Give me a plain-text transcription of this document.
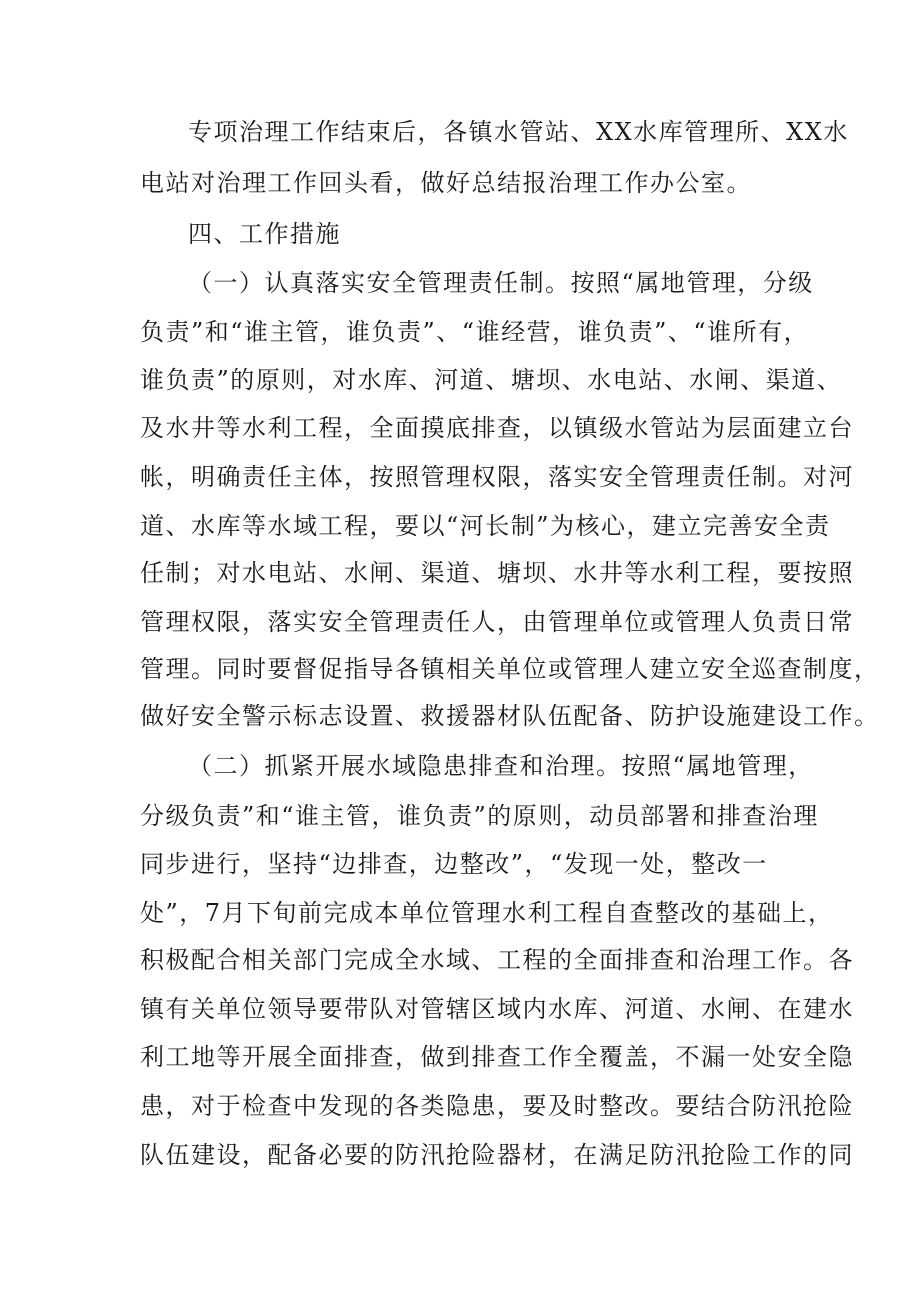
专项治理工作结束后，各镇水管站、XX水库管理所、XX水
电站对治理工作回头看，做好总结报治理工作办公室。
四、工作措施
（一）认真落实安全管理责任制。按照“属地管理，分级
负责”和“谁主管，谁负责”、“谁经营，谁负责”、“谁所有，
谁负责”的原则，对水库、河道、塘坝、水电站、水闸、渠道、
及水井等水利工程，全面摸底排查，以镇级水管站为层面建立台
帐，明确责任主体，按照管理权限，落实安全管理责任制。对河
道、水库等水域工程，要以“河长制”为核心，建立完善安全责
任制；对水电站、水闸、渠道、塘坝、水井等水利工程，要按照
管理权限，落实安全管理责任人，由管理单位或管理人负责日常
管理。同时要督促指导各镇相关单位或管理人建立安全巡查制度，
做好安全警示标志设置、救援器材队伍配备、防护设施建设工作。
（二）抓紧开展水域隐患排查和治理。按照“属地管理，
分级负责”和“谁主管，谁负责”的原则，动员部署和排查治理
同步进行，坚持“边排查，边整改”，“发现一处，整改一
处”，7月下旬前完成本单位管理水利工程自查整改的基础上，
积极配合相关部门完成全水域、工程的全面排查和治理工作。各
镇有关单位领导要带队对管辖区域内水库、河道、水闸、在建水
利工地等开展全面排查，做到排查工作全覆盖，不漏一处安全隐
患，对于检查中发现的各类隐患，要及时整改。要结合防汛抢险
队伍建设，配备必要的防汛抢险器材，在满足防汛抢险工作的同
